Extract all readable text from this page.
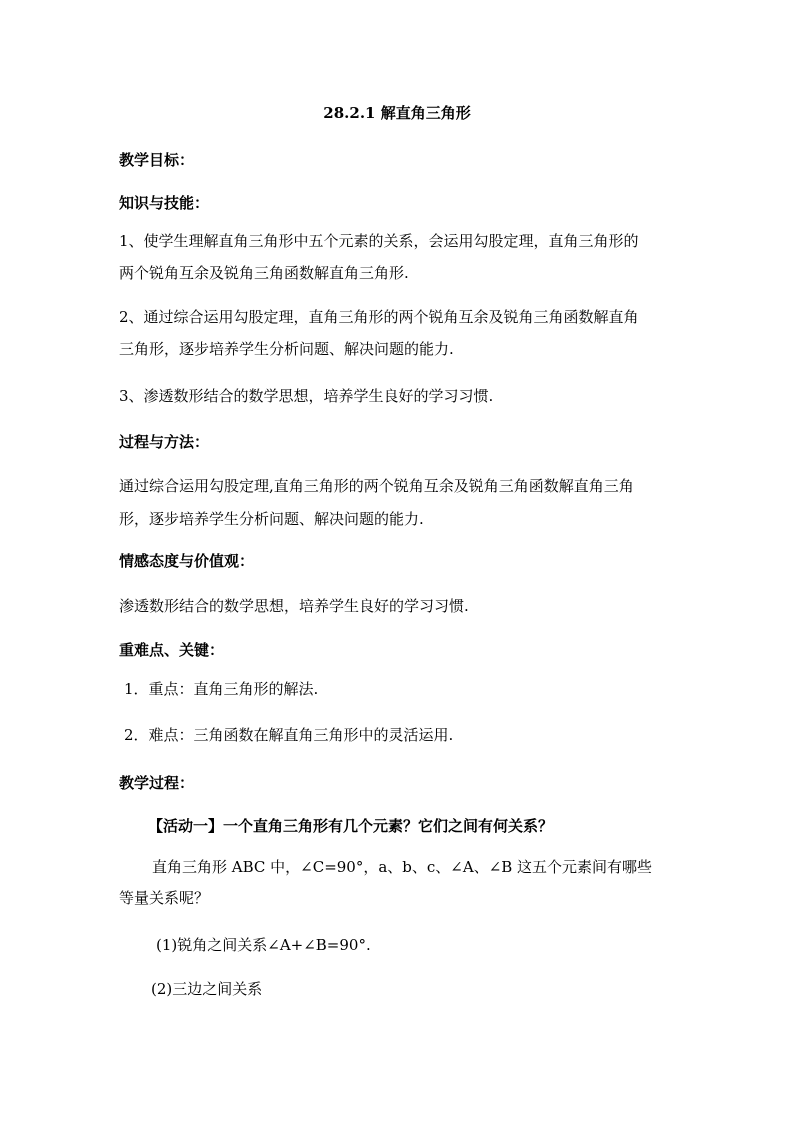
28.2.1 解直角三角形
教学目标：
知识与技能：
1、使学生理解直角三角形中五个元素的关系，会运用勾股定理，直角三角形的
两个锐角互余及锐角三角函数解直角三角形.
2、通过综合运用勾股定理，直角三角形的两个锐角互余及锐角三角函数解直角
三角形，逐步培养学生分析问题、解决问题的能力.
3、渗透数形结合的数学思想，培养学生良好的学习习惯.
过程与方法：
通过综合运用勾股定理,直角三角形的两个锐角互余及锐角三角函数解直角三角
形，逐步培养学生分析问题、解决问题的能力.
情感态度与价值观：
渗透数形结合的数学思想，培养学生良好的学习习惯.
重难点、关键：
1．重点：直角三角形的解法.
2．难点：三角函数在解直角三角形中的灵活运用.
教学过程：
【活动一】一个直角三角形有几个元素？它们之间有何关系？
直角三角形 ABC 中，∠C=90°，a、b、c、∠A、∠B 这五个元素间有哪些
等量关系呢？
(1)锐角之间关系∠A+∠B=90°.
(2)三边之间关系
